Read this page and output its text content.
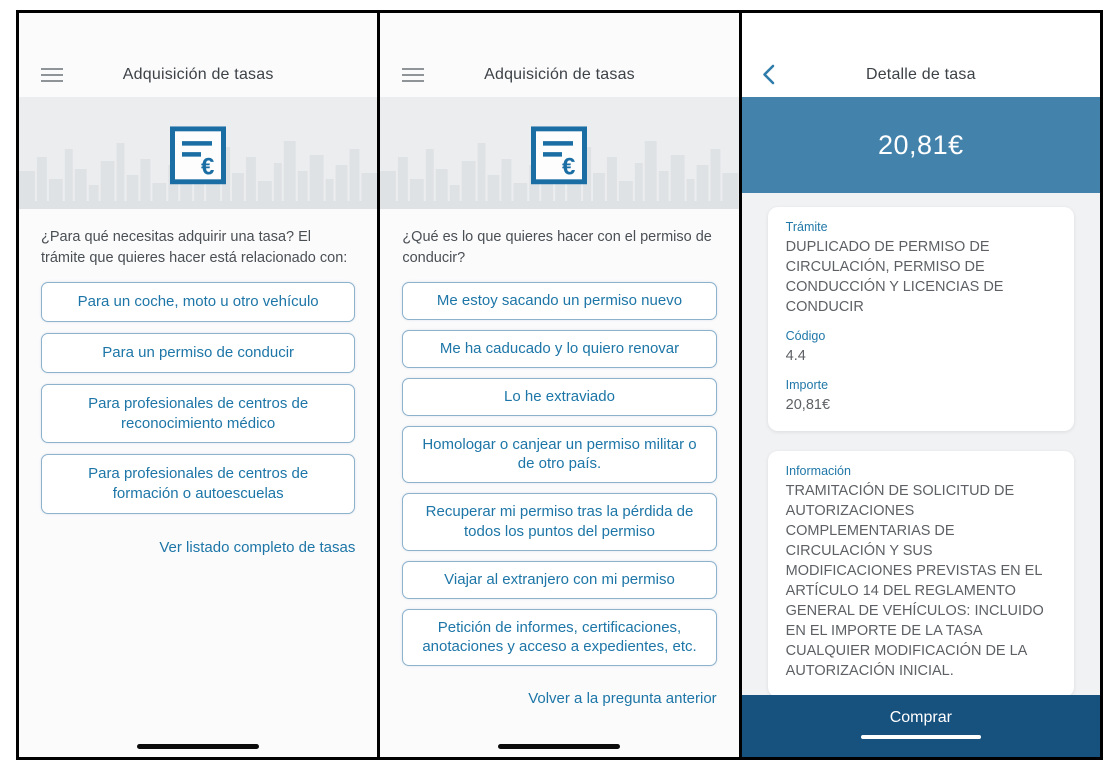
Adquisición de tasas
€
¿Para qué necesitas adquirir una tasa? El trámite que quieres hacer está relacionado con:
Para un coche, moto u otro vehículo
Para un permiso de conducir
Para profesionales de centros de reconocimiento médico
Para profesionales de centros de formación o autoescuelas
Ver listado completo de tasas
Adquisición de tasas
€
¿Qué es lo que quieres hacer con el permiso de conducir?
Me estoy sacando un permiso nuevo
Me ha caducado y lo quiero renovar
Lo he extraviado
Homologar o canjear un permiso militar o de otro país.
Recuperar mi permiso tras la pérdida de todos los puntos del permiso
Viajar al extranjero con mi permiso
Petición de informes, certificaciones, anotaciones y acceso a expedientes, etc.
Volver a la pregunta anterior
Detalle de tasa
20,81€
Trámite
DUPLICADO DE PERMISO DE CIRCULACIÓN, PERMISO DE CONDUCCIÓN Y LICENCIAS DE CONDUCIR
Código
4.4
Importe
20,81€
Información
TRAMITACIÓN DE SOLICITUD DE AUTORIZACIONES COMPLEMENTARIAS DE CIRCULACIÓN Y SUS MODIFICACIONES PREVISTAS EN EL ARTÍCULO 14 DEL REGLAMENTO GENERAL DE VEHÍCULOS: INCLUIDO EN EL IMPORTE DE LA TASA CUALQUIER MODIFICACIÓN DE LA AUTORIZACIÓN INICIAL.
Comprar
